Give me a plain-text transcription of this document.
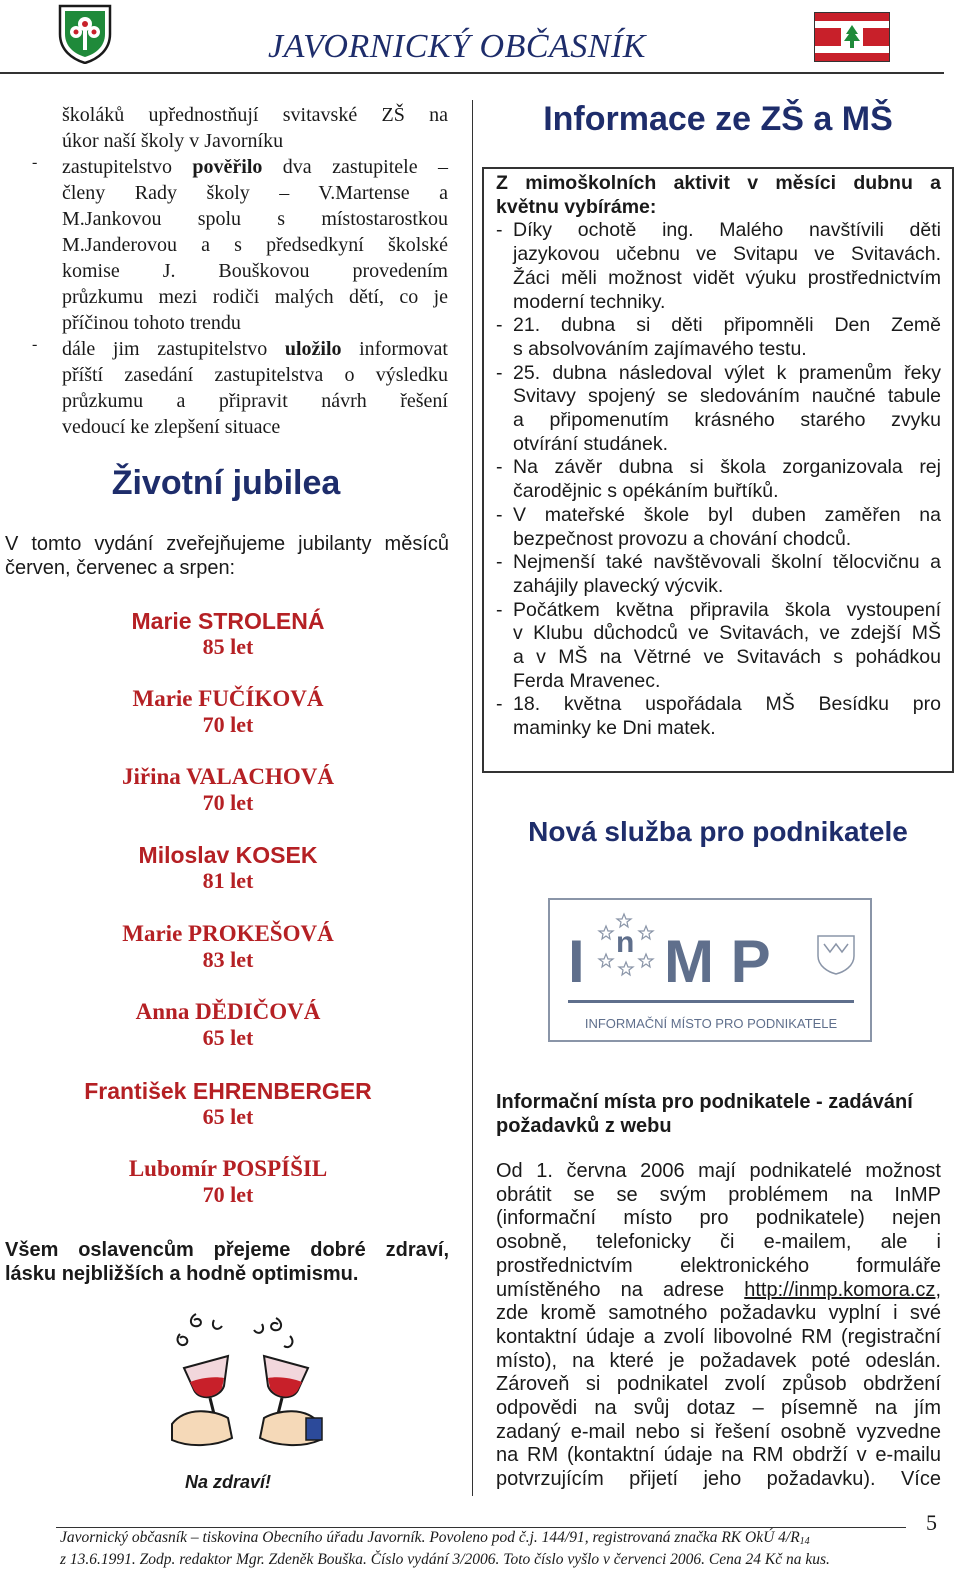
JAVORNICKÝ OBČASNÍK

školáků upřednostňují svitavské ZŠ na

úkor naší školy v Javorníku

- zastupitelstvo pověřilo dva zastupitele –

členy Rady školy – V.Martense a

M.Jankovou spolu s místostarostkou

M.Janderovou a s předsedkyní školské

komise J. Bouškovou provedením

průzkumu mezi rodiči malých dětí, co je

příčinou tohoto trendu

- dále jim zastupitelstvo uložilo informovat

příští zasedání zastupitelstva o výsledku

průzkumu a připravit návrh řešení

vedoucí ke zlepšení situace

Životní jubilea

V tomto vydání zveřejňujeme jubilanty měsíců

červen, červenec a srpen:

Marie STROLENÁ
85 let
Marie FUČÍKOVÁ
70 let
Jiřina VALACHOVÁ
70 let
Miloslav KOSEK
81 let
Marie PROKEŠOVÁ
83 let
Anna DĚDIČOVÁ
65 let
František EHRENBERGER
65 let
Lubomír POSPÍŠIL
70 let

Všem oslavencům přejeme dobré zdraví,

lásku nejbližších a hodně optimismu.

Na zdraví!
Informace ze ZŠ a MŠ

Z mimoškolních aktivit v měsíci dubnu a

květnu vybíráme:

- Díky ochotě ing. Malého navštívili děti
jazykovou učebnu ve Svitapu ve Svitavách.
Žáci měli možnost vidět výuku prostřednictvím
moderní techniky.
- 21. dubna si děti připomněli Den Země
s absolvováním zajímavého testu.
- 25. dubna následoval výlet k pramenům řeky
Svitavy spojený se sledováním naučné tabule
a připomenutím krásného starého zvyku
otvírání studánek.
- Na závěr dubna si škola zorganizovala rej
čarodějnic s opékáním buřtíků.
- V mateřské škole byl duben zaměřen na
bezpečnost provozu a chování chodců.
- Nejmenší také navštěvovali školní tělocvičnu a
zahájily plavecký výcvik.
- Počátkem května připravila škola vystoupení
v Klubu důchodců ve Svitavách, ve zdejší MŠ
a v MŠ na Větrné ve Svitavách s pohádkou
Ferda Mravenec.
- 18. května uspořádala MŠ Besídku pro
maminky ke Dni matek.
Nová služba pro podnikatele
I n M P
INFORMAČNÍ MÍSTO PRO PODNIKATELE

Informační místa pro podnikatele - zadávání

požadavků z webu

Od 1. června 2006 mají podnikatelé možnost
obrátit se se svým problémem na InMP
(informační místo pro podnikatele) nejen
osobně, telefonicky či e-mailem, ale i
prostřednictvím elektronického formuláře
umístěného na adrese http://inmp.komora.cz,
zde kromě samotného požadavku vyplní i své
kontaktní údaje a zvolí libovolné RM (registrační
místo), na které je požadavek poté odeslán.
Zároveň si podnikatel zvolí způsob obdržení
odpovědi na svůj dotaz – písemně na jím
zadaný e-mail nebo si řešení osobně vyzvedne
na RM (kontaktní údaje na RM obdrží v e-mailu
potvrzujícím přijetí jeho požadavku). Více
5
Javornický občasník – tiskovina Obecního úřadu Javorník. Povoleno pod č.j. 144/91, registrovaná značka RK OkÚ $4/R_{14}$
z 13.6.1991. Zodp. redaktor Mgr. Zdeněk Bouška. Číslo vydání 3/2006. Toto číslo vyšlo v červenci 2006. Cena 24 Kč na kus.
